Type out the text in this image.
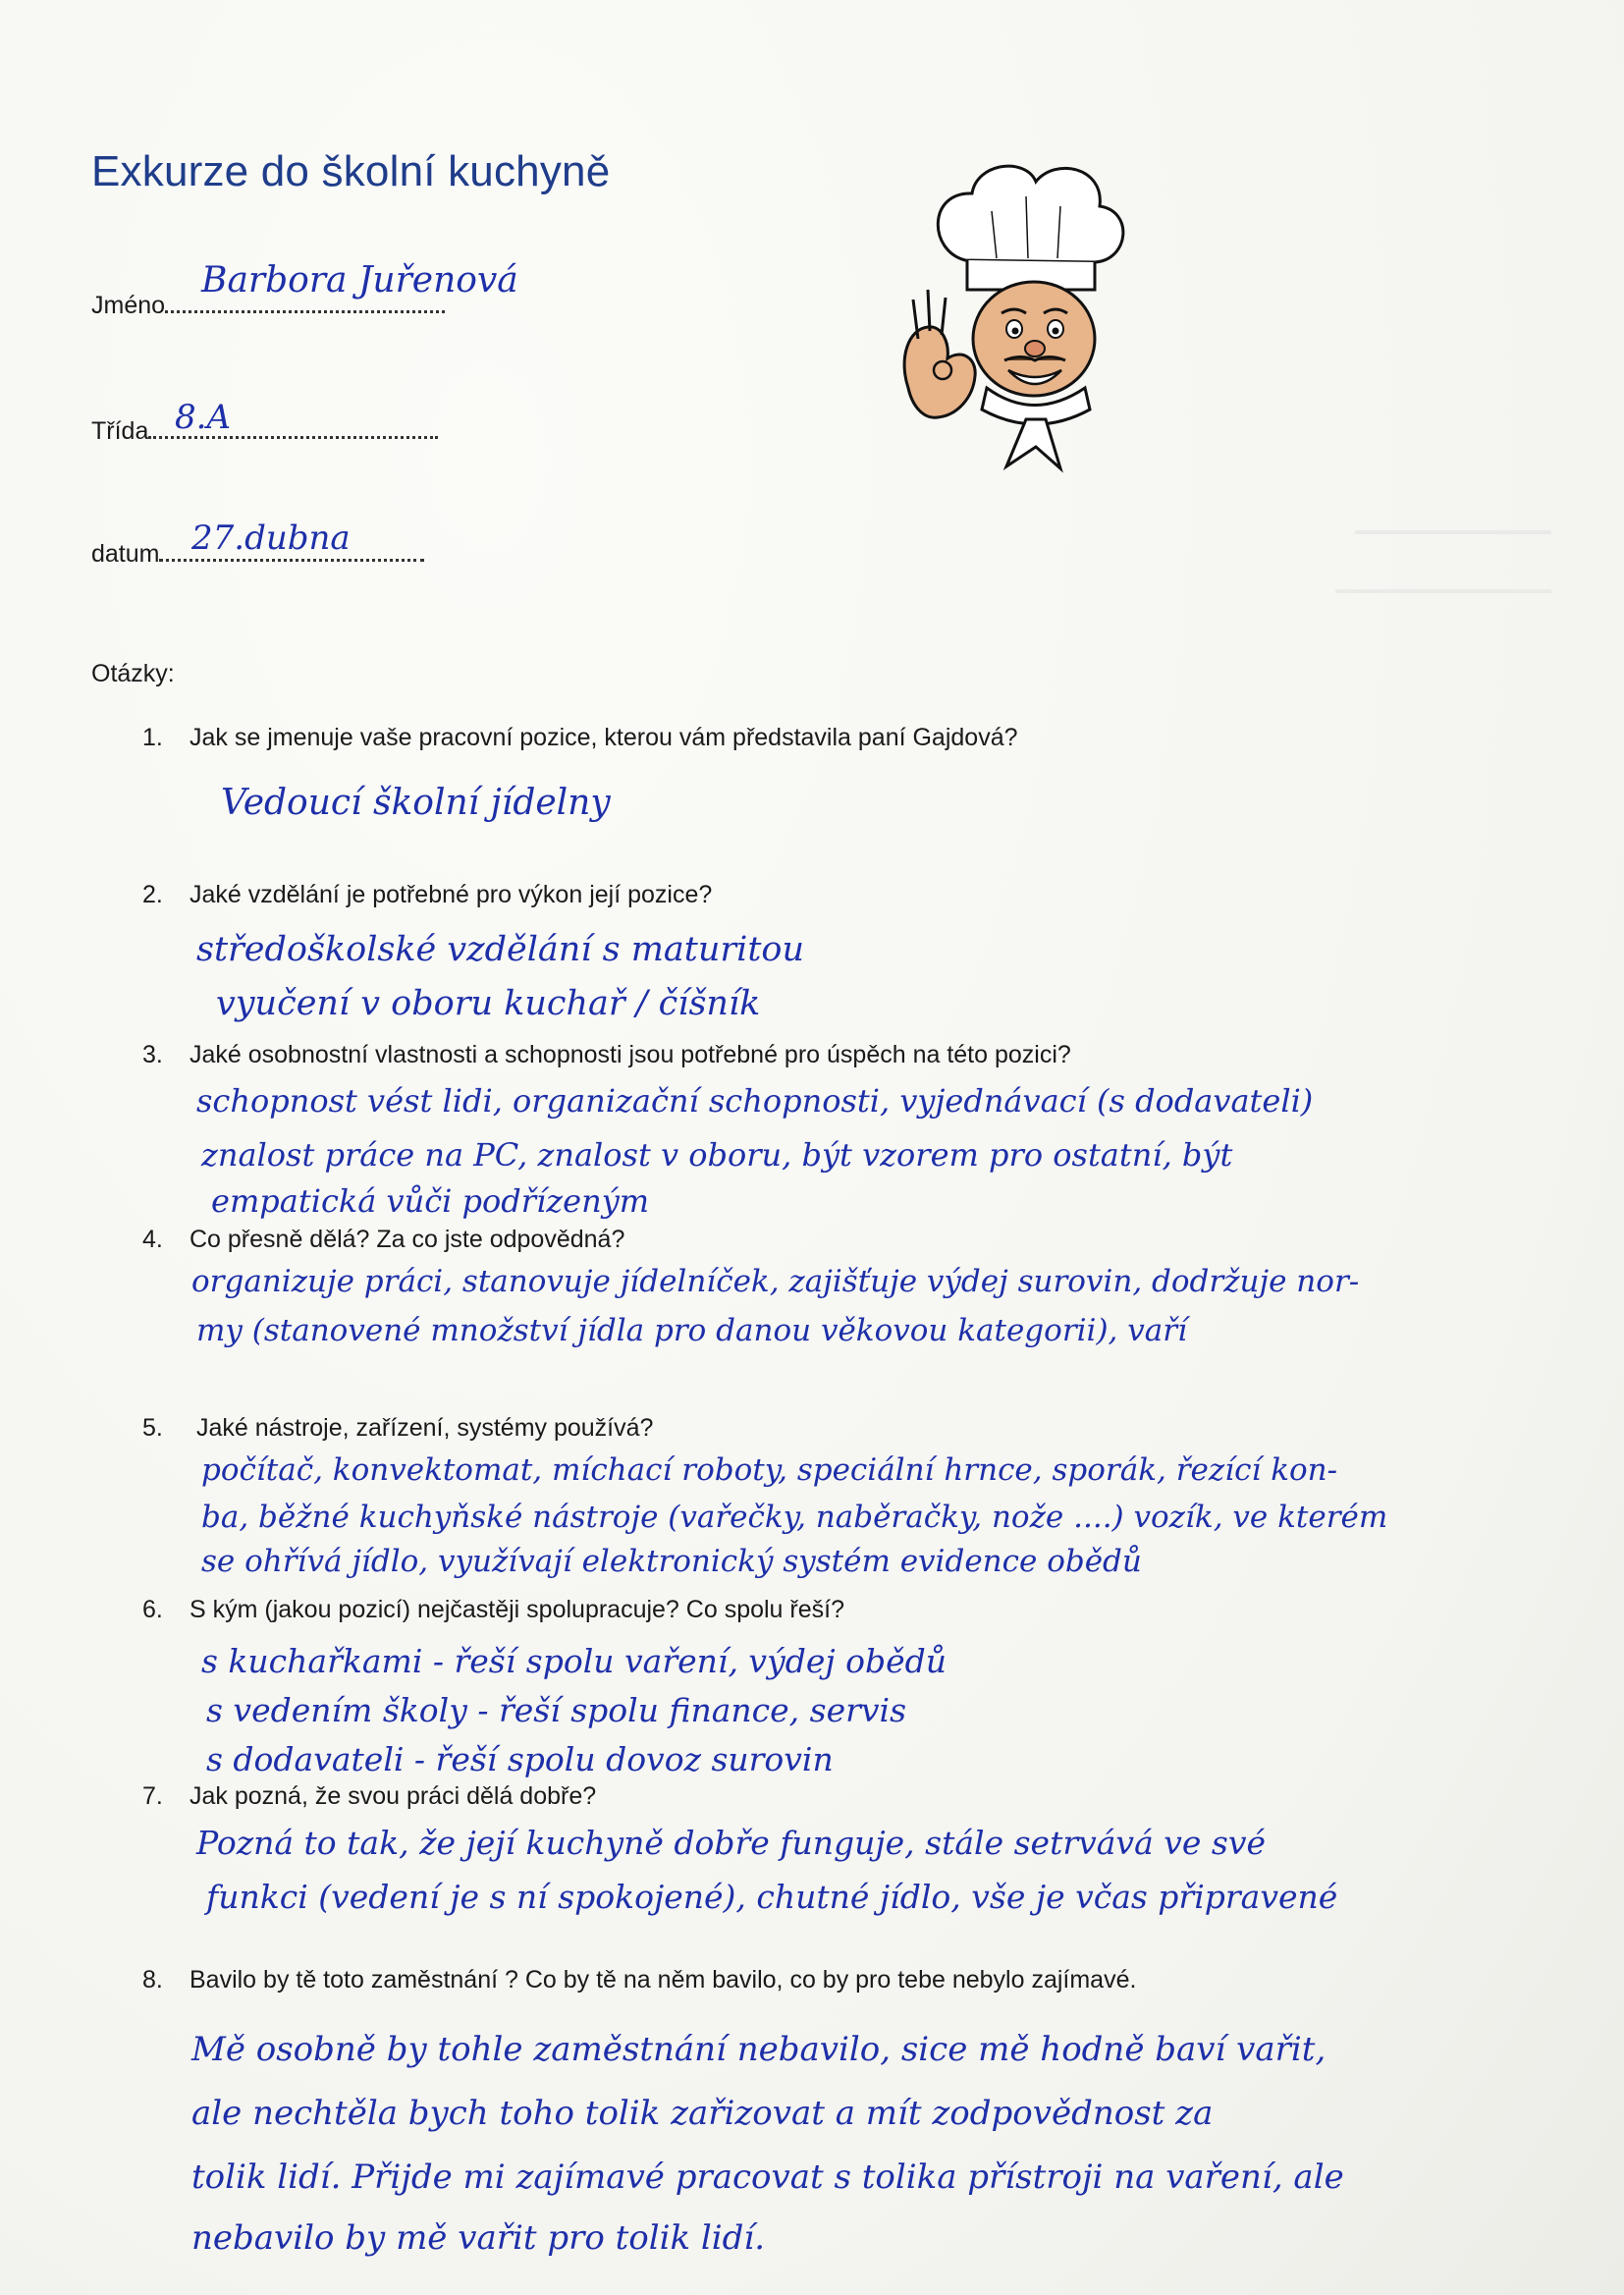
Exkurze do školní kuchyně
Jméno
Barbora Juřenová
Třída 8.A
datum 27.dubna
Otázky:
1. Jak se jmenuje vaše pracovní pozice, kterou vám představila paní Gajdová?
Vedoucí školní jídelny
2. Jaké vzdělání je potřebné pro výkon její pozice?
středoškolské vzdělání s maturitou
vyučení v oboru kuchař / číšník
3. Jaké osobnostní vlastnosti a schopnosti jsou potřebné pro úspěch na této pozici?
schopnost vést lidi, organizační schopnosti, vyjednávací (s dodavateli)
znalost práce na PC, znalost v oboru, být vzorem pro ostatní, být
empatická vůči podřízeným
4. Co přesně dělá? Za co jste odpovědná?
organizuje práci, stanovuje jídelníček, zajišťuje výdej surovin, dodržuje nor-
my (stanovené množství jídla pro danou věkovou kategorii), vaří
5. Jaké nástroje, zařízení, systémy používá?
počítač, konvektomat, míchací roboty, speciální hrnce, sporák, řezící kon-
ba, běžné kuchyňské nástroje (vařečky, naběračky, nože ....) vozík, ve kterém
se ohřívá jídlo, využívají elektronický systém evidence obědů
6. S kým (jakou pozicí) nejčastěji spolupracuje? Co spolu řeší?
s kuchařkami - řeší spolu vaření, výdej obědů
s vedením školy - řeší spolu finance, servis
s dodavateli - řeší spolu dovoz surovin
7. Jak pozná, že svou práci dělá dobře?
Pozná to tak, že její kuchyně dobře funguje, stále setrvává ve své
funkci (vedení je s ní spokojené), chutné jídlo, vše je včas připravené
8. Bavilo by tě toto zaměstnání ? Co by tě na něm bavilo, co by pro tebe nebylo zajímavé.
Mě osobně by tohle zaměstnání nebavilo, sice mě hodně baví vařit,
ale nechtěla bych toho tolik zařizovat a mít zodpovědnost za
tolik lidí. Přijde mi zajímavé pracovat s tolika přístroji na vaření, ale
nebavilo by mě vařit pro tolik lidí.
